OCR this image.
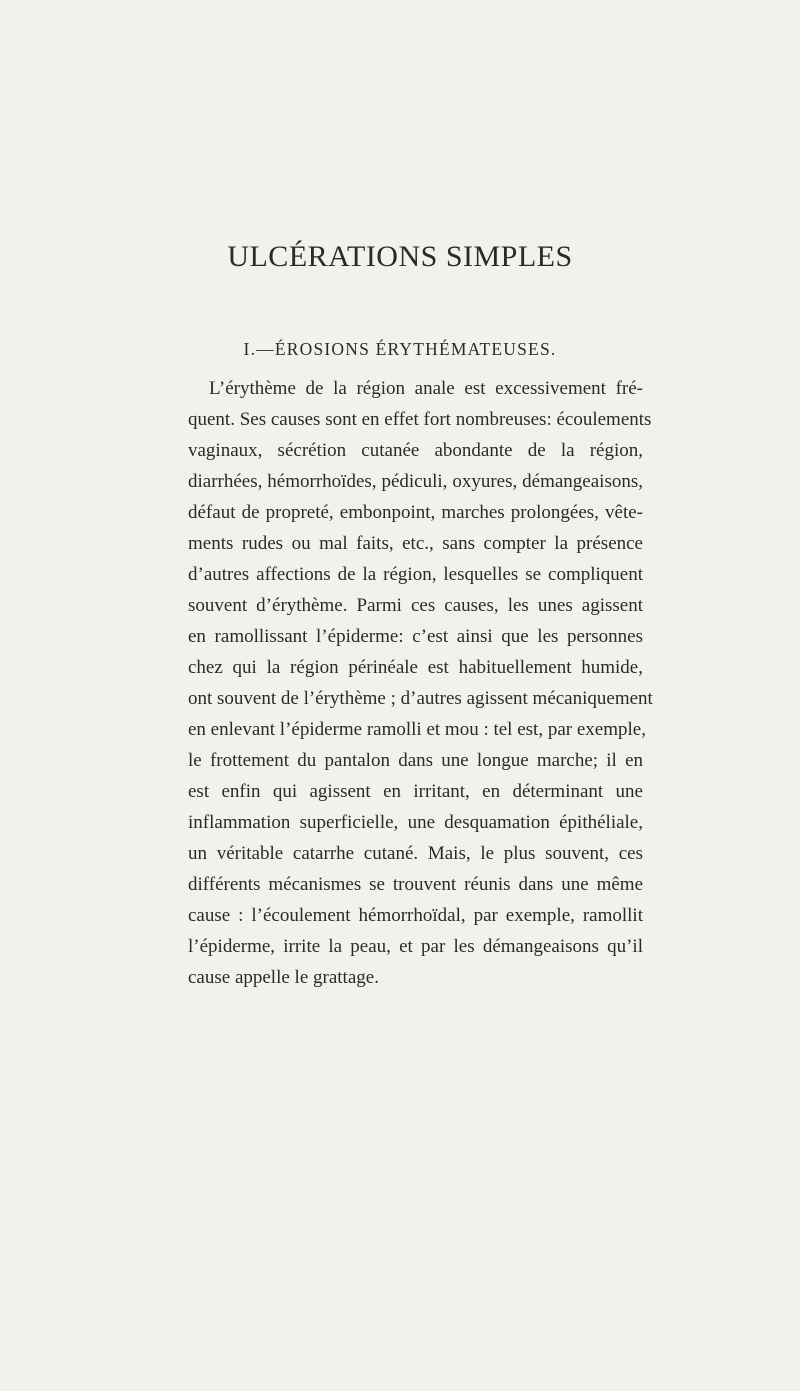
ULCÉRATIONS SIMPLES
I.—ÉROSIONS ÉRYTHÉMATEUSES.
L’érythème de la région anale est excessivement fré-
quent. Ses causes sont en effet fort nombreuses: écoulements
vaginaux, sécrétion cutanée abondante de la région,
diarrhées, hémorrhoïdes, pédiculi, oxyures, démangeaisons,
défaut de propreté, embonpoint, marches prolongées, vête-
ments rudes ou mal faits, etc., sans compter la présence
d’autres affections de la région, lesquelles se compliquent
souvent d’érythème. Parmi ces causes, les unes agissent
en ramollissant l’épiderme: c’est ainsi que les personnes
chez qui la région périnéale est habituellement humide,
ont souvent de l’érythème ; d’autres agissent mécaniquement
en enlevant l’épiderme ramolli et mou : tel est, par exemple,
le frottement du pantalon dans une longue marche; il en
est enfin qui agissent en irritant, en déterminant une
inflammation superficielle, une desquamation épithéliale,
un véritable catarrhe cutané. Mais, le plus souvent, ces
différents mécanismes se trouvent réunis dans une même
cause : l’écoulement hémorrhoïdal, par exemple, ramollit
l’épiderme, irrite la peau, et par les démangeaisons qu’il
cause appelle le grattage.
